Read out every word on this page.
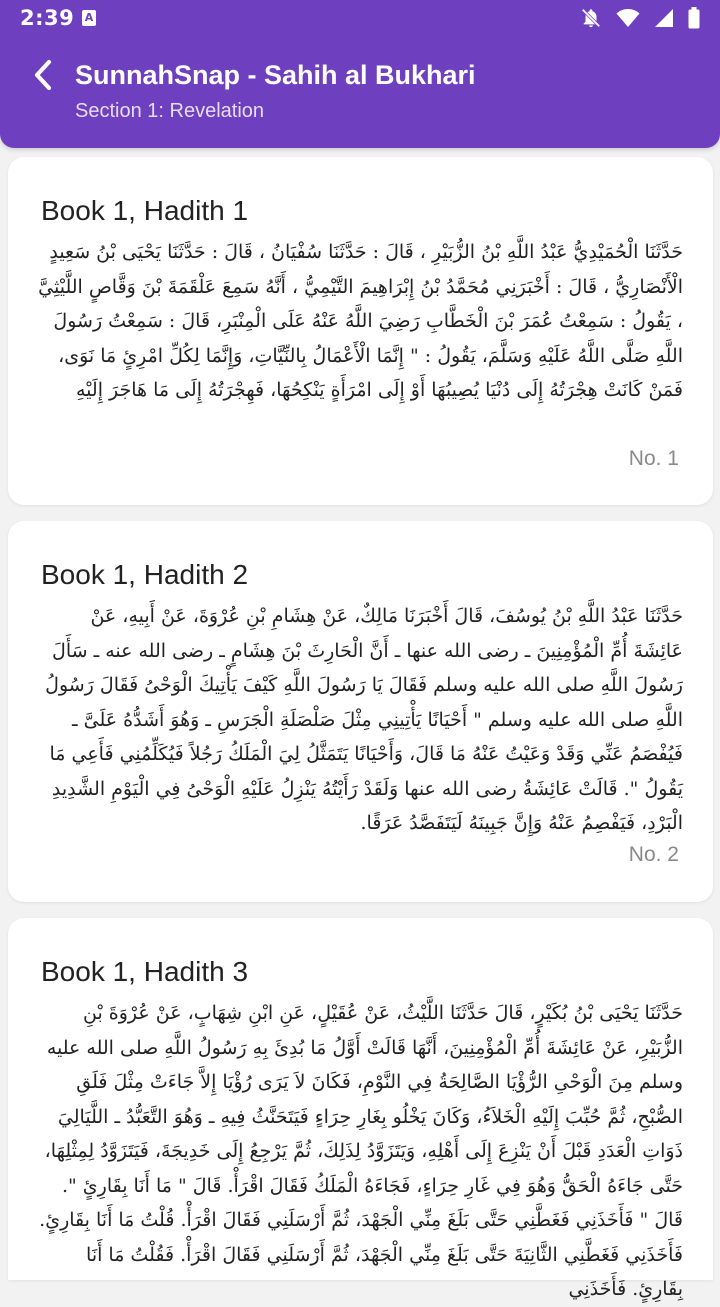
2:39 A
SunnahSnap - Sahih al Bukhari
Section 1: Revelation
Book 1, Hadith 1
حَدَّثَنَا الْحُمَيْدِيُّ عَبْدُ اللَّهِ بْنُ الزُّبَيْرِ ، قَالَ : حَدَّثَنَا سُفْيَانُ ، قَالَ : حَدَّثَنَا يَحْيَى بْنُ سَعِيدٍ الْأَنْصَارِيُّ ، قَالَ : أَخْبَرَنِي مُحَمَّدُ بْنُ إِبْرَاهِيمَ التَّيْمِيُّ ، أَنَّهُ سَمِعَ عَلْقَمَةَ بْنَ وَقَّاصٍ اللَّيْثِيَّ ، يَقُولُ : سَمِعْتُ عُمَرَ بْنَ الْخَطَّابِ رَضِيَ اللَّهُ عَنْهُ عَلَى الْمِنْبَرِ، قَالَ : سَمِعْتُ رَسُولَ اللَّهِ صَلَّى اللَّهُ عَلَيْهِ وَسَلَّمَ، يَقُولُ : " إِنَّمَا الْأَعْمَالُ بِالنِّيَّاتِ، وَإِنَّمَا لِكُلِّ امْرِئٍ مَا نَوَى، فَمَنْ كَانَتْ هِجْرَتُهُ إِلَى دُنْيَا يُصِيبُهَا أَوْ إِلَى امْرَأَةٍ يَنْكِحُهَا، فَهِجْرَتُهُ إِلَى مَا هَاجَرَ إِلَيْهِ
No. 1
Book 1, Hadith 2
حَدَّثَنَا عَبْدُ اللَّهِ بْنُ يُوسُفَ، قَالَ أَخْبَرَنَا مَالِكٌ، عَنْ هِشَامِ بْنِ عُرْوَةَ، عَنْ أَبِيهِ، عَنْ عَائِشَةَ أُمِّ الْمُؤْمِنِينَ ـ رضى الله عنها ـ أَنَّ الْحَارِثَ بْنَ هِشَامٍ ـ رضى الله عنه ـ سَأَلَ رَسُولَ اللَّهِ صلى الله عليه وسلم فَقَالَ يَا رَسُولَ اللَّهِ كَيْفَ يَأْتِيكَ الْوَحْىُ فَقَالَ رَسُولُ اللَّهِ صلى الله عليه وسلم " أَحْيَانًا يَأْتِينِي مِثْلَ صَلْصَلَةِ الْجَرَسِ ـ وَهُوَ أَشَدُّهُ عَلَىَّ ـ فَيُفْصَمُ عَنِّي وَقَدْ وَعَيْتُ عَنْهُ مَا قَالَ، وَأَحْيَانًا يَتَمَثَّلُ لِيَ الْمَلَكُ رَجُلاً فَيُكَلِّمُنِي فَأَعِي مَا يَقُولُ ". قَالَتْ عَائِشَةُ رضى الله عنها وَلَقَدْ رَأَيْتُهُ يَنْزِلُ عَلَيْهِ الْوَحْىُ فِي الْيَوْمِ الشَّدِيدِ الْبَرْدِ، فَيَفْصِمُ عَنْهُ وَإِنَّ جَبِينَهُ لَيَتَفَصَّدُ عَرَقًا.
No. 2
Book 1, Hadith 3
حَدَّثَنَا يَحْيَى بْنُ بُكَيْرٍ، قَالَ حَدَّثَنَا اللَّيْثُ، عَنْ عُقَيْلٍ، عَنِ ابْنِ شِهَابٍ، عَنْ عُرْوَةَ بْنِ الزُّبَيْرِ، عَنْ عَائِشَةَ أُمِّ الْمُؤْمِنِينَ، أَنَّهَا قَالَتْ أَوَّلُ مَا بُدِئَ بِهِ رَسُولُ اللَّهِ صلى الله عليه وسلم مِنَ الْوَحْىِ الرُّؤْيَا الصَّالِحَةُ فِي النَّوْمِ، فَكَانَ لاَ يَرَى رُؤْيَا إِلاَّ جَاءَتْ مِثْلَ فَلَقِ الصُّبْحِ، ثُمَّ حُبِّبَ إِلَيْهِ الْخَلاَءُ، وَكَانَ يَخْلُو بِغَارِ حِرَاءٍ فَيَتَحَنَّثُ فِيهِ ـ وَهُوَ التَّعَبُّدُ ـ اللَّيَالِيَ ذَوَاتِ الْعَدَدِ قَبْلَ أَنْ يَنْزِعَ إِلَى أَهْلِهِ، وَيَتَزَوَّدُ لِذَلِكَ، ثُمَّ يَرْجِعُ إِلَى خَدِيجَةَ، فَيَتَزَوَّدُ لِمِثْلِهَا، حَتَّى جَاءَهُ الْحَقُّ وَهُوَ فِي غَارِ حِرَاءٍ، فَجَاءَهُ الْمَلَكُ فَقَالَ اقْرَأْ. قَالَ " مَا أَنَا بِقَارِئٍ ". قَالَ " فَأَخَذَنِي فَغَطَّنِي حَتَّى بَلَغَ مِنِّي الْجَهْدَ، ثُمَّ أَرْسَلَنِي فَقَالَ اقْرَأْ. قُلْتُ مَا أَنَا بِقَارِئٍ. فَأَخَذَنِي فَغَطَّنِي الثَّانِيَةَ حَتَّى بَلَغَ مِنِّي الْجَهْدَ، ثُمَّ أَرْسَلَنِي فَقَالَ اقْرَأْ. فَقُلْتُ مَا أَنَا بِقَارِئٍ. فَأَخَذَنِي
